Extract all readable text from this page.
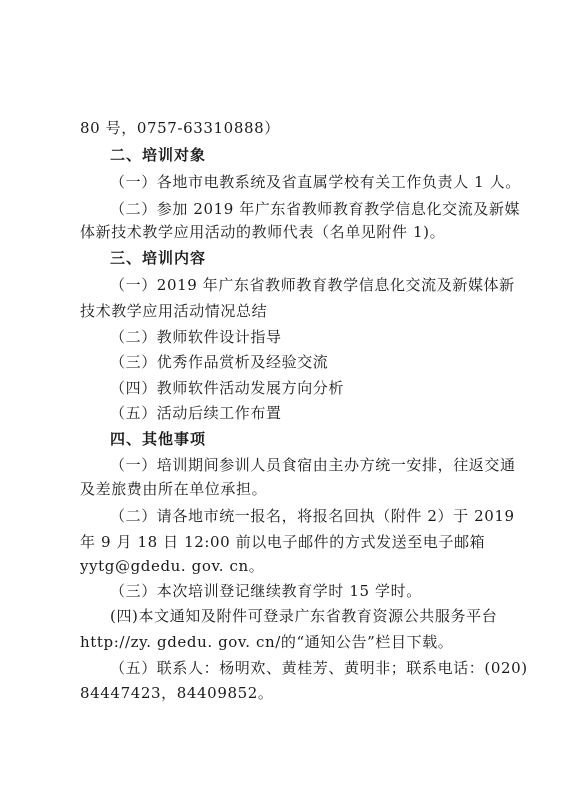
80 号，0757-63310888）
二、培训对象
（一）各地市电教系统及省直属学校有关工作负责人 1 人。
（二）参加 2019 年广东省教师教育教学信息化交流及新媒
体新技术教学应用活动的教师代表（名单见附件 1)。
三、培训内容
（一）2019 年广东省教师教育教学信息化交流及新媒体新
技术教学应用活动情况总结
（二）教师软件设计指导
（三）优秀作品赏析及经验交流
（四）教师软件活动发展方向分析
（五）活动后续工作布置
四、其他事项
（一）培训期间参训人员食宿由主办方统一安排，往返交通
及差旅费由所在单位承担。
（二）请各地市统一报名，将报名回执（附件 2）于 2019
年 9 月 18 日 12:00 前以电子邮件的方式发送至电子邮箱
yytg@gdedu. gov. cn。
（三）本次培训登记继续教育学时 15 学时。
(四)本文通知及附件可登录广东省教育资源公共服务平台
http://zy. gdedu. gov. cn/的“通知公告”栏目下载。
（五）联系人：杨明欢、黄桂芳、黄明非；联系电话：(020)
84447423，84409852。
